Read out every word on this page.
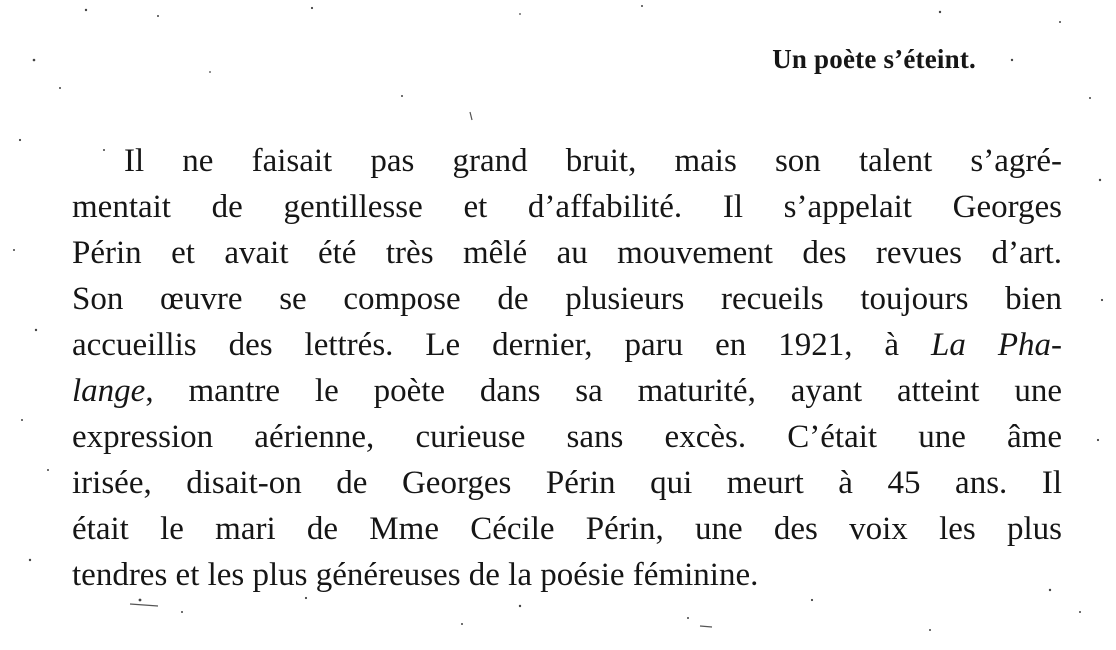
Un poète s’éteint.
Il ne faisait pas grand bruit, mais son talent s’agré-
mentait de gentillesse et d’affabilité. Il s’appelait Georges
Périn et avait été très mêlé au mouvement des revues d’art.
Son œuvre se compose de plusieurs recueils toujours bien
accueillis des lettrés. Le dernier, paru en 1921, à La Pha-
lange, mantre le poète dans sa maturité, ayant atteint une
expression aérienne, curieuse sans excès. C’était une âme
irisée, disait-on de Georges Périn qui meurt à 45 ans. Il
était le mari de Mme Cécile Périn, une des voix les plus
tendres et les plus généreuses de la poésie féminine.
